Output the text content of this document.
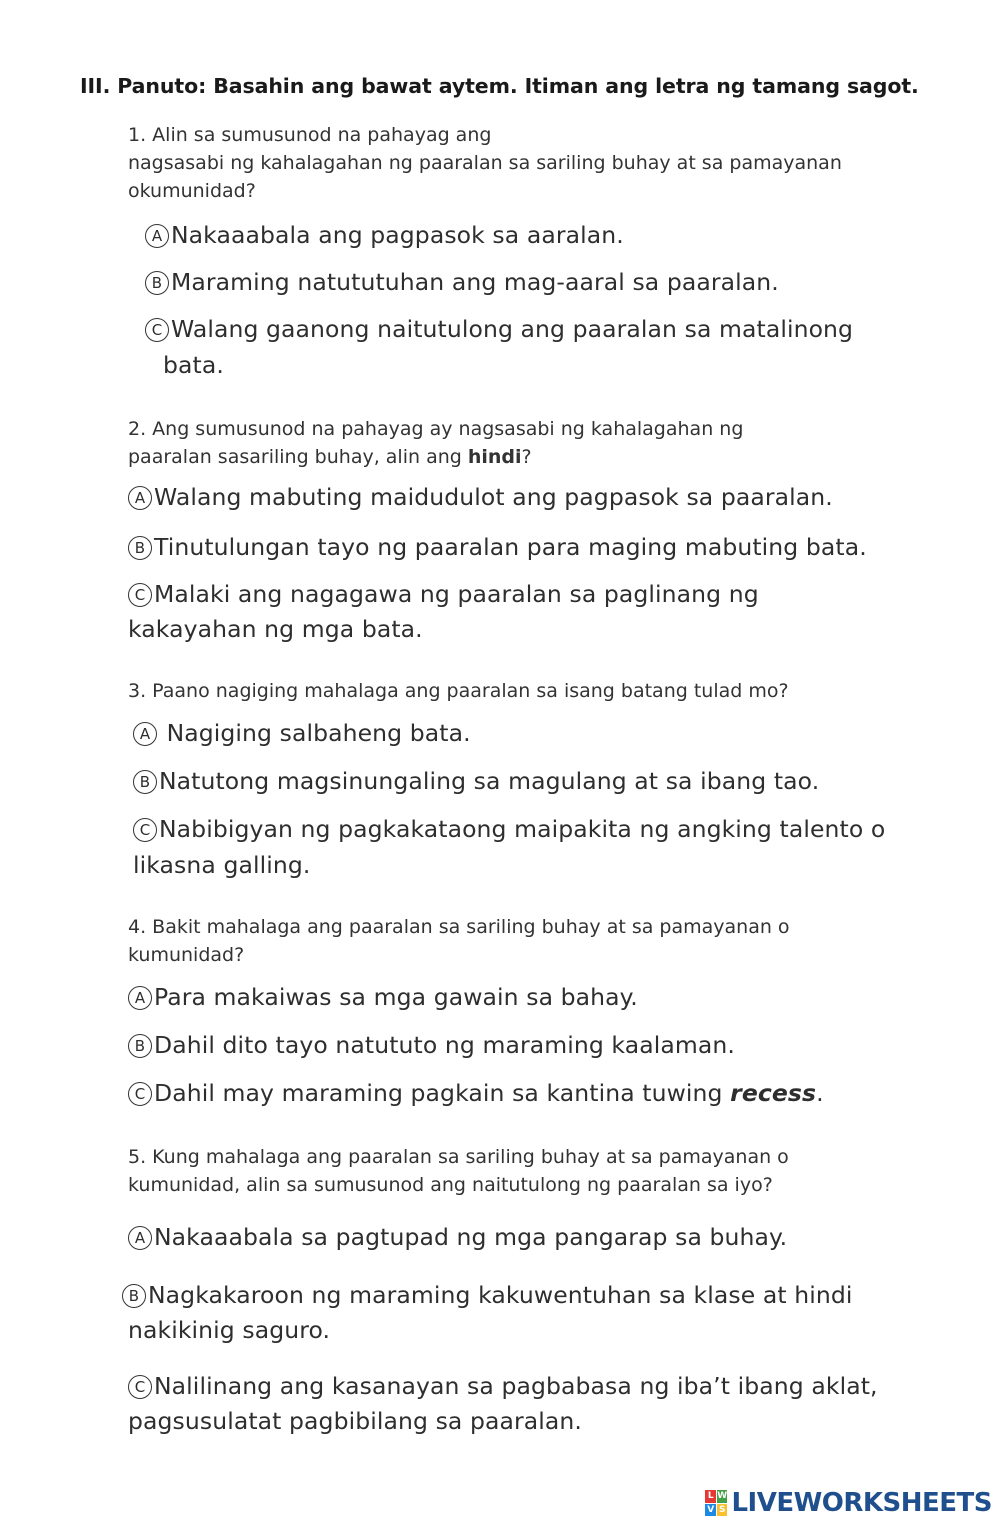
III. Panuto: Basahin ang bawat aytem. Itiman ang letra ng tamang sagot.
1. Alin sa sumusunod na pahayag ang
nagsasabi ng kahalagahan ng paaralan sa sariling buhay at sa pamayanan
okumunidad?
A Nakaaabala ang pagpasok sa aaralan.
B Maraming natututuhan ang mag-aaral sa paaralan.
C Walang gaanong naitutulong ang paaralan sa matalinong
bata.
2. Ang sumusunod na pahayag ay nagsasabi ng kahalagahan ng
paaralan sasariling buhay, alin ang hindi?
A Walang mabuting maidudulot ang pagpasok sa paaralan.
B Tinutulungan tayo ng paaralan para maging mabuting bata.
C Malaki ang nagagawa ng paaralan sa paglinang ng
kakayahan ng mga bata.
3. Paano nagiging mahalaga ang paaralan sa isang batang tulad mo?
A Nagiging salbaheng bata.
B Natutong magsinungaling sa magulang at sa ibang tao.
C Nabibigyan ng pagkakataong maipakita ng angking talento o
likasna galling.
4. Bakit mahalaga ang paaralan sa sariling buhay at sa pamayanan o
kumunidad?
A Para makaiwas sa mga gawain sa bahay.
B Dahil dito tayo natututo ng maraming kaalaman.
C Dahil may maraming pagkain sa kantina tuwing recess.
5. Kung mahalaga ang paaralan sa sariling buhay at sa pamayanan o
kumunidad, alin sa sumusunod ang naitutulong ng paaralan sa iyo?
A Nakaaabala sa pagtupad ng mga pangarap sa buhay.
B Nagkakaroon ng maraming kakuwentuhan sa klase at hindi
nakikinig saguro.
C Nalilinang ang kasanayan sa pagbabasa ng iba’t ibang aklat,
pagsusulatat pagbibilang sa paaralan.
L W
V S LIVEWORKSHEETS
